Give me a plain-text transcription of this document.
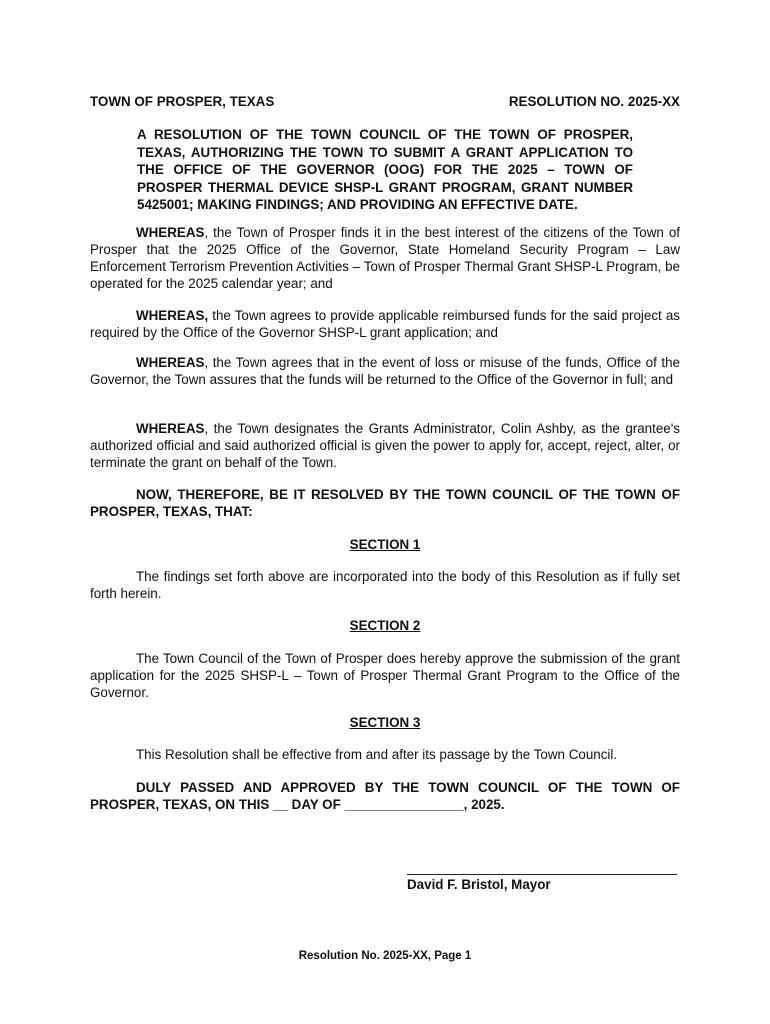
TOWN OF PROSPER, TEXAS	RESOLUTION NO. 2025-XX
A RESOLUTION OF THE TOWN COUNCIL OF THE TOWN OF PROSPER, TEXAS, AUTHORIZING THE TOWN TO SUBMIT A GRANT APPLICATION TO THE OFFICE OF THE GOVERNOR (OOG) FOR THE 2025 – TOWN OF PROSPER THERMAL DEVICE SHSP-L GRANT PROGRAM, GRANT NUMBER 5425001; MAKING FINDINGS; AND PROVIDING AN EFFECTIVE DATE.
WHEREAS, the Town of Prosper finds it in the best interest of the citizens of the Town of Prosper that the 2025 Office of the Governor, State Homeland Security Program – Law Enforcement Terrorism Prevention Activities – Town of Prosper Thermal Grant SHSP-L Program, be operated for the 2025 calendar year; and
WHEREAS, the Town agrees to provide applicable reimbursed funds for the said project as required by the Office of the Governor SHSP-L grant application; and
WHEREAS, the Town agrees that in the event of loss or misuse of the funds, Office of the Governor, the Town assures that the funds will be returned to the Office of the Governor in full; and
WHEREAS, the Town designates the Grants Administrator, Colin Ashby, as the grantee's authorized official and said authorized official is given the power to apply for, accept, reject, alter, or terminate the grant on behalf of the Town.
NOW, THEREFORE, BE IT RESOLVED BY THE TOWN COUNCIL OF THE TOWN OF PROSPER, TEXAS, THAT:
SECTION 1
The findings set forth above are incorporated into the body of this Resolution as if fully set forth herein.
SECTION 2
The Town Council of the Town of Prosper does hereby approve the submission of the grant application for the 2025 SHSP-L – Town of Prosper Thermal Grant Program to the Office of the Governor.
SECTION 3
This Resolution shall be effective from and after its passage by the Town Council.
DULY PASSED AND APPROVED BY THE TOWN COUNCIL OF THE TOWN OF PROSPER, TEXAS, ON THIS __ DAY OF ________________, 2025.
David F. Bristol, Mayor
Resolution No. 2025-XX, Page 1
